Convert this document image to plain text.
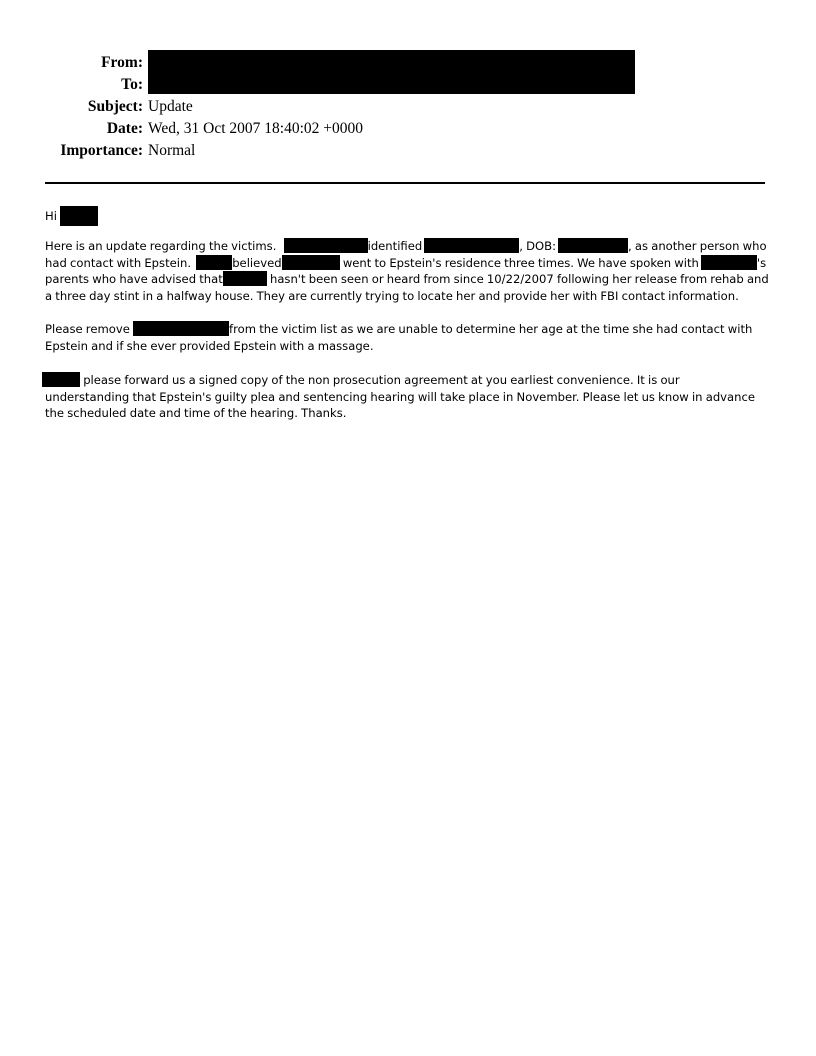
From:
To:
Subject: Update
Date: Wed, 31 Oct 2007 18:40:02 +0000
Importance: Normal
Hi
Here is an update regarding the victims.	identified	, DOB:	, as another person who
had contact with Epstein.	believed	went to Epstein's residence three times. We have spoken with	's
parents who have advised that	hasn't been seen or heard from since 10/22/2007 following her release from rehab and
a three day stint in a halfway house. They are currently trying to locate her and provide her with FBI contact information.
Please remove	from the victim list as we are unable to determine her age at the time she had contact with
Epstein and if she ever provided Epstein with a massage.
please forward us a signed copy of the non prosecution agreement at you earliest convenience. It is our
understanding that Epstein's guilty plea and sentencing hearing will take place in November. Please let us know in advance
the scheduled date and time of the hearing. Thanks.
